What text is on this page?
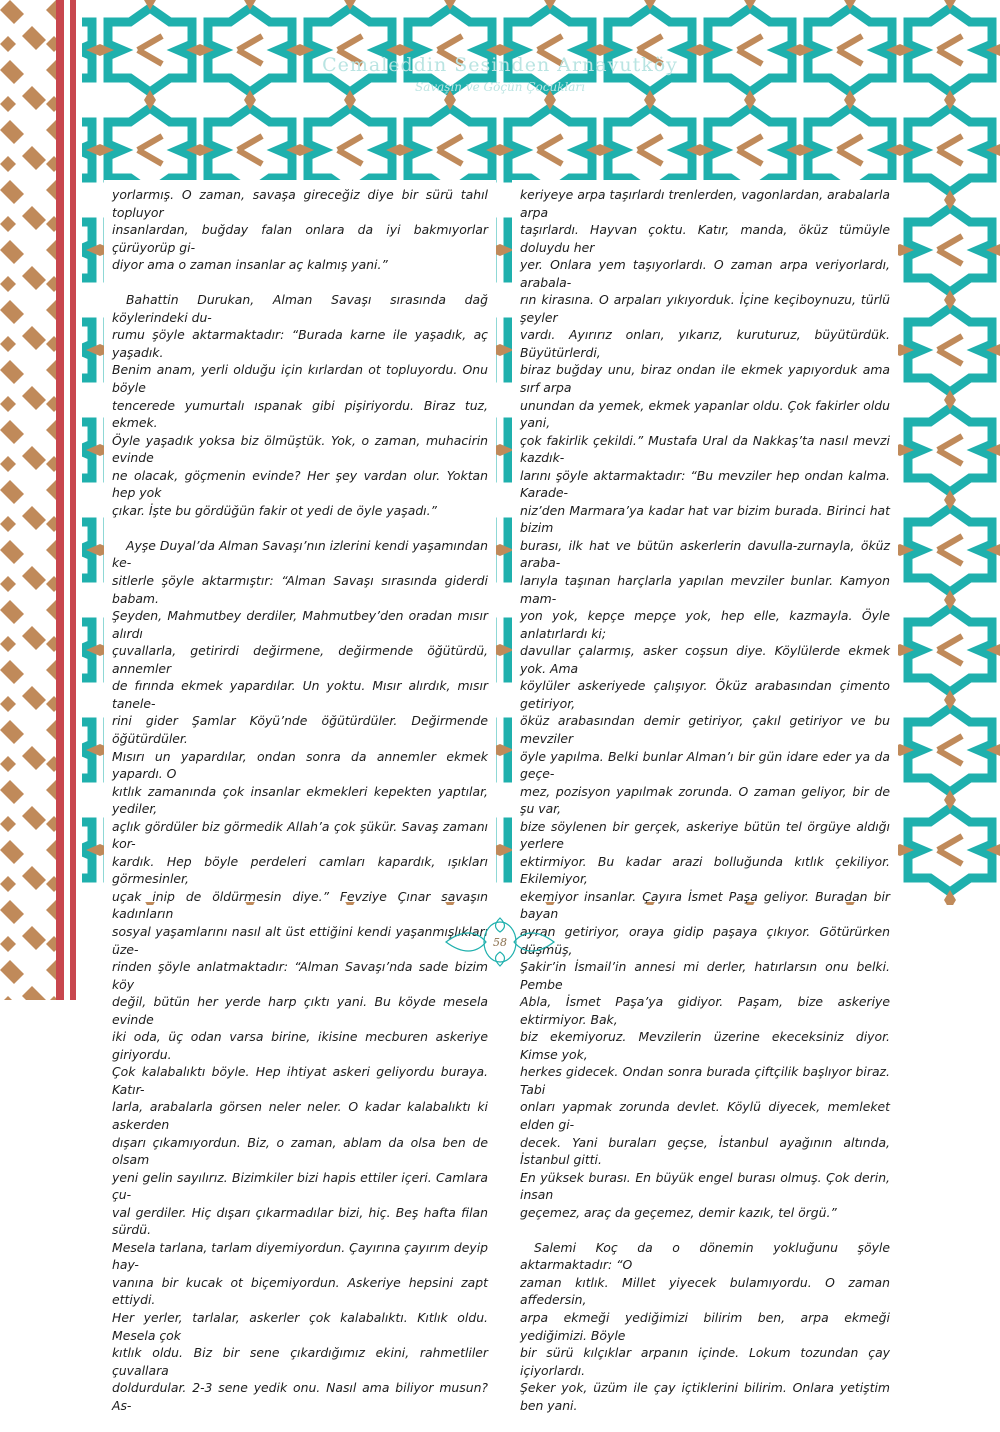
Cemaleddin Sesinden Arnavutköy
Savaşın ve Göçün Çocukları

yorlarmış. O zaman, savaşa gireceğiz diye bir sürü tahıl topluyor
insanlardan, buğday falan onlara da iyi bakmıyorlar çürüyorüp gi-
diyor ama o zaman insanlar aç kalmış yani.”

Bahattin Durukan, Alman Savaşı sırasında dağ köylerindeki du-
rumu şöyle aktarmaktadır: “Burada karne ile yaşadık, aç yaşadık.
Benim anam, yerli olduğu için kırlardan ot topluyordu. Onu böyle
tencerede yumurtalı ıspanak gibi pişiriyordu. Biraz tuz, ekmek.
Öyle yaşadık yoksa biz ölmüştük. Yok, o zaman, muhacirin evinde
ne olacak, göçmenin evinde? Her şey vardan olur. Yoktan hep yok
çıkar. İşte bu gördüğün fakir ot yedi de öyle yaşadı.”

Ayşe Duyal’da Alman Savaşı’nın izlerini kendi yaşamından ke-
sitlerle şöyle aktarmıştır: “Alman Savaşı sırasında giderdi babam.
Şeyden, Mahmutbey derdiler, Mahmutbey’den oradan mısır alırdı
çuvallarla, getirirdi değirmene, değirmende öğütürdü, annemler
de fırında ekmek yapardılar. Un yoktu. Mısır alırdık, mısır tanele-
rini gider Şamlar Köyü’nde öğütürdüler. Değirmende öğütürdüler.
Mısırı un yapardılar, ondan sonra da annemler ekmek yapardı. O
kıtlık zamanında çok insanlar ekmekleri kepekten yaptılar, yediler,
açlık gördüler biz görmedik Allah’a çok şükür. Savaş zamanı kor-
kardık. Hep böyle perdeleri camları kapardık, ışıkları görmesinler,
uçak inip de öldürmesin diye.” Fevziye Çınar savaşın kadınların
sosyal yaşamlarını nasıl alt üst ettiğini kendi yaşanmışlıkları üze-
rinden şöyle anlatmaktadır: “Alman Savaşı’nda sade bizim köy
değil, bütün her yerde harp çıktı yani. Bu köyde mesela evinde
iki oda, üç odan varsa birine, ikisine mecburen askeriye giriyordu.
Çok kalabalıktı böyle. Hep ihtiyat askeri geliyordu buraya. Katır-
larla, arabalarla görsen neler neler. O kadar kalabalıktı ki askerden
dışarı çıkamıyordun. Biz, o zaman, ablam da olsa ben de olsam
yeni gelin sayılırız. Bizimkiler bizi hapis ettiler içeri. Camlara çu-
val gerdiler. Hiç dışarı çıkarmadılar bizi, hiç. Beş hafta filan sürdü.
Mesela tarlana, tarlam diyemiyordun. Çayırına çayırım deyip hay-
vanına bir kucak ot biçemiyordun. Askeriye hepsini zapt ettiydi.
Her yerler, tarlalar, askerler çok kalabalıktı. Kıtlık oldu. Mesela çok
kıtlık oldu. Biz bir sene çıkardığımız ekini, rahmetliler çuvallara
doldurdular. 2-3 sene yedik onu. Nasıl ama biliyor musun? As-

keriyeye arpa taşırlardı trenlerden, vagonlardan, arabalarla arpa
taşırlardı. Hayvan çoktu. Katır, manda, öküz tümüyle doluydu her
yer. Onlara yem taşıyorlardı. O zaman arpa veriyorlardı, arabala-
rın kirasına. O arpaları yıkıyorduk. İçine keçiboynuzu, türlü şeyler
vardı. Ayırırız onları, yıkarız, kuruturuz, büyütürdük. Büyütürlerdi,
biraz buğday unu, biraz ondan ile ekmek yapıyorduk ama sırf arpa
unundan da yemek, ekmek yapanlar oldu. Çok fakirler oldu yani,
çok fakirlik çekildi.” Mustafa Ural da Nakkaş’ta nasıl mevzi kazdık-
larını şöyle aktarmaktadır: “Bu mevziler hep ondan kalma. Karade-
niz’den Marmara’ya kadar hat var bizim burada. Birinci hat bizim
burası, ilk hat ve bütün askerlerin davulla-zurnayla, öküz araba-
larıyla taşınan harçlarla yapılan mevziler bunlar. Kamyon mam-
yon yok, kepçe mepçe yok, hep elle, kazmayla. Öyle anlatırlardı ki;
davullar çalarmış, asker coşsun diye. Köylülerde ekmek yok. Ama
köylüler askeriyede çalışıyor. Öküz arabasından çimento getiriyor,
öküz arabasından demir getiriyor, çakıl getiriyor ve bu mevziler
öyle yapılma. Belki bunlar Alman’ı bir gün idare eder ya da geçe-
mez, pozisyon yapılmak zorunda. O zaman geliyor, bir de şu var,
bize söylenen bir gerçek, askeriye bütün tel örgüye aldığı yerlere
ektirmiyor. Bu kadar arazi bolluğunda kıtlık çekiliyor. Ekilemiyor,
ekemiyor insanlar. Çayıra İsmet Paşa geliyor. Buradan bir bayan
ayran getiriyor, oraya gidip paşaya çıkıyor. Götürürken düşmüş,
Şakir’in İsmail’in annesi mi derler, hatırlarsın onu belki. Pembe
Abla, İsmet Paşa’ya gidiyor. Paşam, bize askeriye ektirmiyor. Bak,
biz ekemiyoruz. Mevzilerin üzerine ekeceksiniz diyor. Kimse yok,
herkes gidecek. Ondan sonra burada çiftçilik başlıyor biraz. Tabi
onları yapmak zorunda devlet. Köylü diyecek, memleket elden gi-
decek. Yani buraları geçse, İstanbul ayağının altında, İstanbul gitti.
En yüksek burası. En büyük engel burası olmuş. Çok derin, insan
geçemez, araç da geçemez, demir kazık, tel örgü.”

Salemi Koç da o dönemin yokluğunu şöyle aktarmaktadır: “O
zaman kıtlık. Millet yiyecek bulamıyordu. O zaman affedersin,
arpa ekmeği yediğimizi bilirim ben, arpa ekmeği yediğimizi. Böyle
bir sürü kılçıklar arpanın içinde. Lokum tozundan çay içiyorlardı.
Şeker yok, üzüm ile çay içtiklerini bilirim. Onlara yetiştim ben yani.

58
